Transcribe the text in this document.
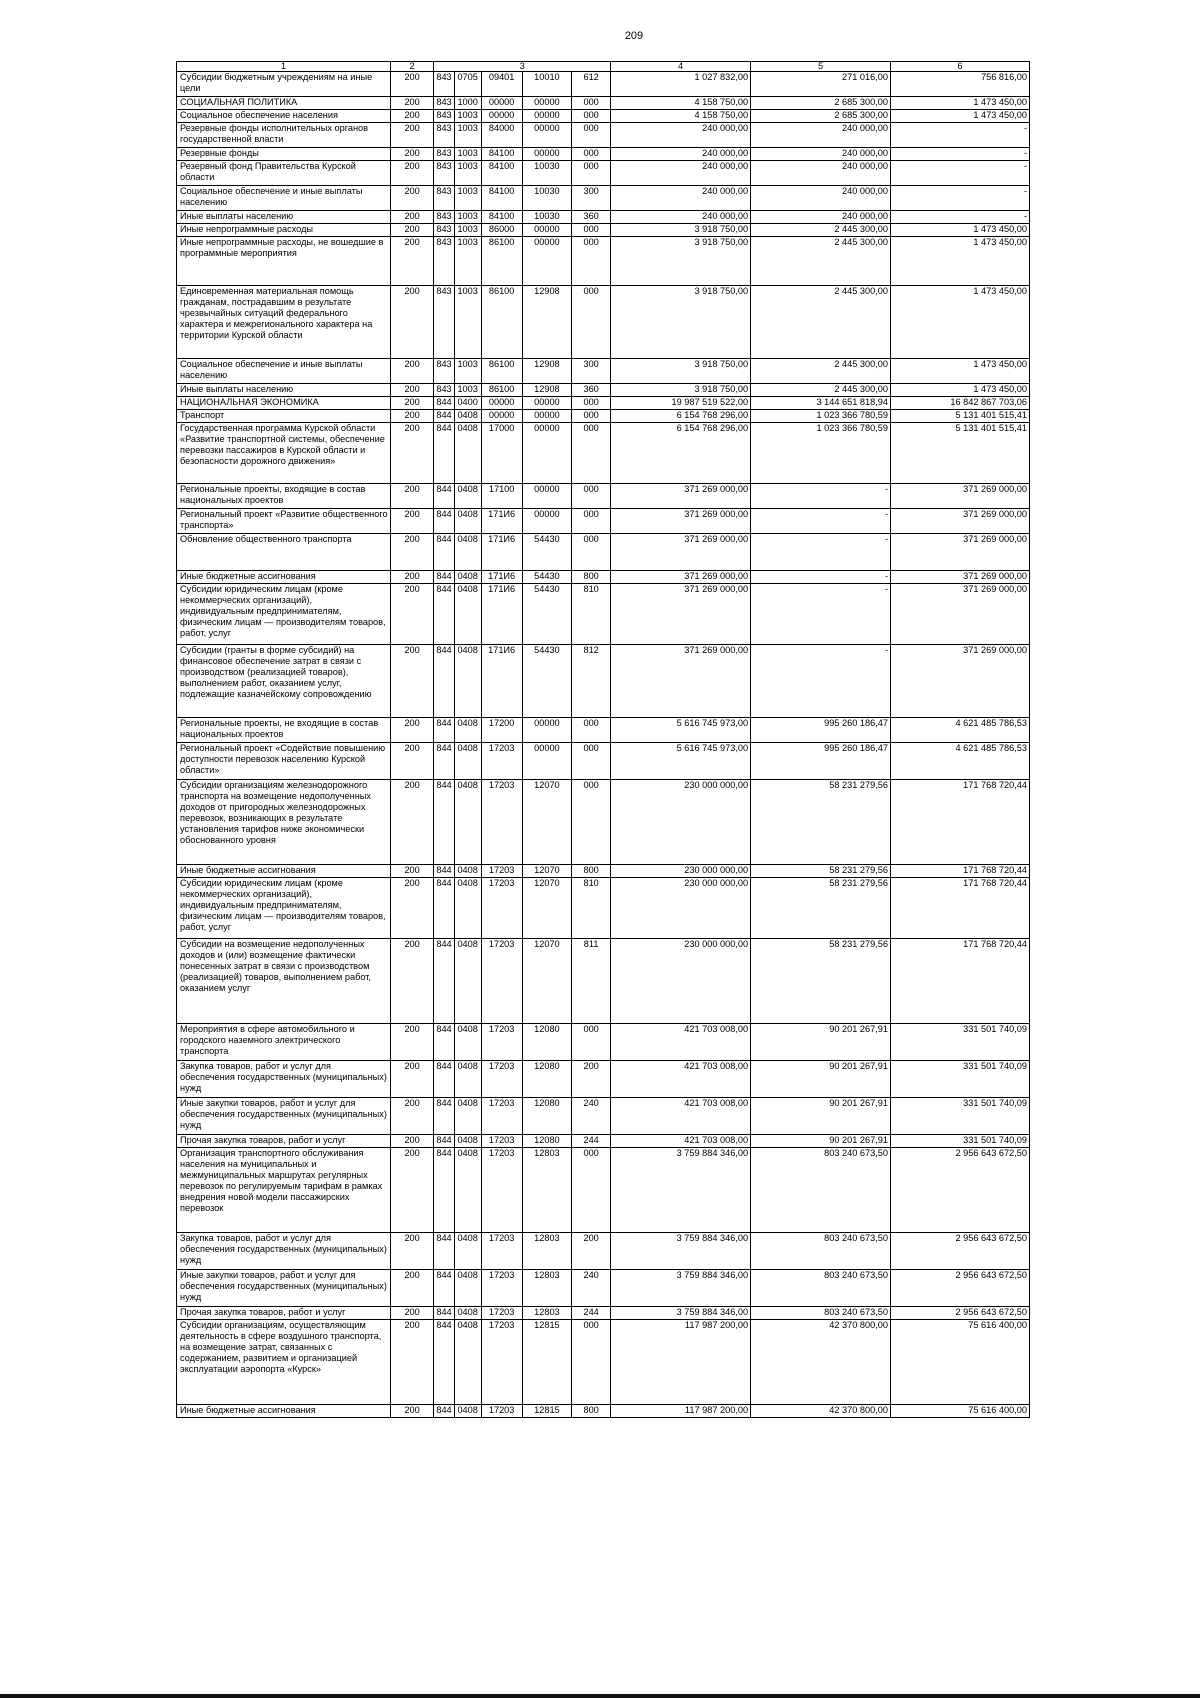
209
1	2	3					4	5	6
Субсидии бюджетным учреждениям на иные цели	200	843	0705	09401	10010	612	1 027 832,00	271 016,00	756 816,00
СОЦИАЛЬНАЯ ПОЛИТИКА	200	843	1000	00000	00000	000	4 158 750,00	2 685 300,00	1 473 450,00
Социальное обеспечение населения	200	843	1003	00000	00000	000	4 158 750,00	2 685 300,00	1 473 450,00
Резервные фонды исполнительных органов государственной власти	200	843	1003	84000	00000	000	240 000,00	240 000,00	-
Резервные фонды	200	843	1003	84100	00000	000	240 000,00	240 000,00	-
Резервный фонд Правительства Курской области	200	843	1003	84100	10030	000	240 000,00	240 000,00	-
Социальное обеспечение и иные выплаты населению	200	843	1003	84100	10030	300	240 000,00	240 000,00	-
Иные выплаты населению	200	843	1003	84100	10030	360	240 000,00	240 000,00	-
Иные непрограммные расходы	200	843	1003	86000	00000	000	3 918 750,00	2 445 300,00	1 473 450,00
Иные непрограммные расходы, не вошедшие в программные мероприятия	200	843	1003	86100	00000	000	3 918 750,00	2 445 300,00	1 473 450,00
Единовременная материальная помощь гражданам, пострадавшим в результате чрезвычайных ситуаций федерального характера и межрегионального характера на территории Курской области	200	843	1003	86100	12908	000	3 918 750,00	2 445 300,00	1 473 450,00
Социальное обеспечение и иные выплаты населению	200	843	1003	86100	12908	300	3 918 750,00	2 445 300,00	1 473 450,00
Иные выплаты населению	200	843	1003	86100	12908	360	3 918 750,00	2 445 300,00	1 473 450,00
НАЦИОНАЛЬНАЯ ЭКОНОМИКА	200	844	0400	00000	00000	000	19 987 519 522,00	3 144 651 818,94	16 842 867 703,06
Транспорт	200	844	0408	00000	00000	000	6 154 768 296,00	1 023 366 780,59	5 131 401 515,41
Государственная программа Курской области «Развитие транспортной системы, обеспечение перевозки пассажиров в Курской области и безопасности дорожного движения»	200	844	0408	17000	00000	000	6 154 768 296,00	1 023 366 780,59	5 131 401 515,41
Региональные проекты, входящие в состав национальных проектов	200	844	0408	17100	00000	000	371 269 000,00	-	371 269 000,00
Региональный проект «Развитие общественного транспорта»	200	844	0408	171И6	00000	000	371 269 000,00	-	371 269 000,00
Обновление общественного транспорта	200	844	0408	171И6	54430	000	371 269 000,00	-	371 269 000,00
Иные бюджетные ассигнования	200	844	0408	171И6	54430	800	371 269 000,00	-	371 269 000,00
Субсидии юридическим лицам (кроме некоммерческих организаций), индивидуальным предпринимателям, физическим лицам — производителям товаров, работ, услуг	200	844	0408	171И6	54430	810	371 269 000,00	-	371 269 000,00
Субсидии (гранты в форме субсидий) на финансовое обеспечение затрат в связи с производством (реализацией товаров), выполнением работ, оказанием услуг, подлежащие казначейскому сопровождению	200	844	0408	171И6	54430	812	371 269 000,00	-	371 269 000,00
Региональные проекты, не входящие в состав национальных проектов	200	844	0408	17200	00000	000	5 616 745 973,00	995 260 186,47	4 621 485 786,53
Региональный проект «Содействие повышению доступности перевозок населению Курской области»	200	844	0408	17203	00000	000	5 616 745 973,00	995 260 186,47	4 621 485 786,53
Субсидии организациям железнодорожного транспорта на возмещение недополученных доходов от пригородных железнодорожных перевозок, возникающих в результате установления тарифов ниже экономически обоснованного уровня	200	844	0408	17203	12070	000	230 000 000,00	58 231 279,56	171 768 720,44
Иные бюджетные ассигнования	200	844	0408	17203	12070	800	230 000 000,00	58 231 279,56	171 768 720,44
Субсидии юридическим лицам (кроме некоммерческих организаций), индивидуальным предпринимателям, физическим лицам — производителям товаров, работ, услуг	200	844	0408	17203	12070	810	230 000 000,00	58 231 279,56	171 768 720,44
Субсидии на возмещение недополученных доходов и (или) возмещение фактически понесенных затрат в связи с производством (реализацией) товаров, выполнением работ, оказанием услуг	200	844	0408	17203	12070	811	230 000 000,00	58 231 279,56	171 768 720,44
Мероприятия в сфере автомобильного и городского наземного электрического транспорта	200	844	0408	17203	12080	000	421 703 008,00	90 201 267,91	331 501 740,09
Закупка товаров, работ и услуг для обеспечения государственных (муниципальных) нужд	200	844	0408	17203	12080	200	421 703 008,00	90 201 267,91	331 501 740,09
Иные закупки товаров, работ и услуг для обеспечения государственных (муниципальных) нужд	200	844	0408	17203	12080	240	421 703 008,00	90 201 267,91	331 501 740,09
Прочая закупка товаров, работ и услуг	200	844	0408	17203	12080	244	421 703 008,00	90 201 267,91	331 501 740,09
Организация транспортного обслуживания населения на муниципальных и межмуниципальных маршрутах регулярных перевозок по регулируемым тарифам в рамках внедрения новой модели пассажирских перевозок	200	844	0408	17203	12803	000	3 759 884 346,00	803 240 673,50	2 956 643 672,50
Закупка товаров, работ и услуг для обеспечения государственных (муниципальных) нужд	200	844	0408	17203	12803	200	3 759 884 346,00	803 240 673,50	2 956 643 672,50
Иные закупки товаров, работ и услуг для обеспечения государственных (муниципальных) нужд	200	844	0408	17203	12803	240	3 759 884 346,00	803 240 673,50	2 956 643 672,50
Прочая закупка товаров, работ и услуг	200	844	0408	17203	12803	244	3 759 884 346,00	803 240 673,50	2 956 643 672,50
Субсидии организациям, осуществляющим деятельность в сфере воздушного транспорта, на возмещение затрат, связанных с содержанием, развитием и организацией эксплуатации аэропорта «Курск»	200	844	0408	17203	12815	000	117 987 200,00	42 370 800,00	75 616 400,00
Иные бюджетные ассигнования	200	844	0408	17203	12815	800	117 987 200,00	42 370 800,00	75 616 400,00
